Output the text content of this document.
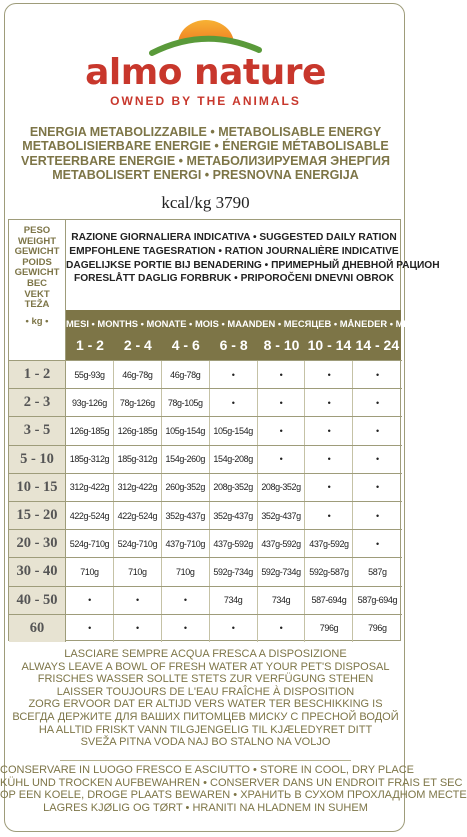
almo nature
OWNED BY THE ANIMALS
ENERGIA METABOLIZZABILE • METABOLISABLE ENERGY
METABOLISIERBARE ENERGIE • ÉNERGIE MÉTABOLISABLE
VERTEERBARE ENERGIE • МЕТАБОЛИЗИРУЕМАЯ ЭНЕРГИЯ
METABOLISERT ENERGI • PRESNOVNA ENERGIJA
kcal/kg 3790
PESO
WEIGHT
GEWICHT
POIDS
GEWICHT
ВЕС
VEKT
TEŽA
• kg •
RAZIONE GIORNALIERA INDICATIVA • SUGGESTED DAILY RATION
EMPFOHLENE TAGESRATION • RATION JOURNALIÈRE INDICATIVE
DAGELIJKSE PORTIE BIJ BENADERING • ПРИМЕРНЫЙ ДНЕВНОЙ РАЦИОН
FORESLÅTT DAGLIG FORBRUK • PRIPOROČENI DNEVNI OBROK
MESI • MONTHS • MONATE • MOIS • MAANDEN • МЕСЯЦЕВ • MÅNEDER • MESECEV
1 - 2	2 - 4	4 - 6	6 - 8	8 - 10 10 - 14 14 - 24
1 - 2	55g-93g	46g-78g	46g-78g	•	•	•	•
2 - 3	93g-126g	78g-126g	78g-105g	•	•	•	•
3 - 5	126g-185g 126g-185g 105g-154g 105g-154g	•	•	•
5 - 10	185g-312g 185g-312g 154g-260g 154g-208g	•	•	•
10 - 15	312g-422g 312g-422g 260g-352g 208g-352g 208g-352g	•	•
15 - 20	422g-524g 422g-524g 352g-437g 352g-437g 352g-437g	•	•
20 - 30	524g-710g 524g-710g 437g-710g 437g-592g 437g-592g 437g-592g	•
30 - 40	710g	710g	710g	592g-734g 592g-734g 592g-587g	587g
40 - 50	•	•	•	734g	734g	587-694g	587g-694g
60	•	•	•	•	•	796g	796g
LASCIARE SEMPRE ACQUA FRESCA A DISPOSIZIONE
ALWAYS LEAVE A BOWL OF FRESH WATER AT YOUR PET'S DISPOSAL
FRISCHES WASSER SOLLTE STETS ZUR VERFÜGUNG STEHEN
LAISSER TOUJOURS DE L'EAU FRAÎCHE À DISPOSITION
ZORG ERVOOR DAT ER ALTIJD VERS WATER TER BESCHIKKING IS
ВСЕГДА ДЕРЖИТЕ ДЛЯ ВАШИХ ПИТОМЦЕВ МИСКУ С ПРЕСНОЙ ВОДОЙ
HA ALLTID FRISKT VANN TILGJENGELIG TIL KJÆLEDYRET DITT
SVEŽA PITNA VODA NAJ BO STALNO NA VOLJO
CONSERVARE IN LUOGO FRESCO E ASCIUTTO • STORE IN COOL, DRY PLACE
KÜHL UND TROCKEN AUFBEWAHREN • CONSERVER DANS UN ENDROIT FRAIS ET SEC
OP EEN KOELE, DROGE PLAATS BEWAREN • ХРАНИТЬ В СУХОМ ПРОХЛАДНОМ МЕСТЕ
LAGRES KJØLIG OG TØRT • HRANITI NA HLADNEM IN SUHEM
